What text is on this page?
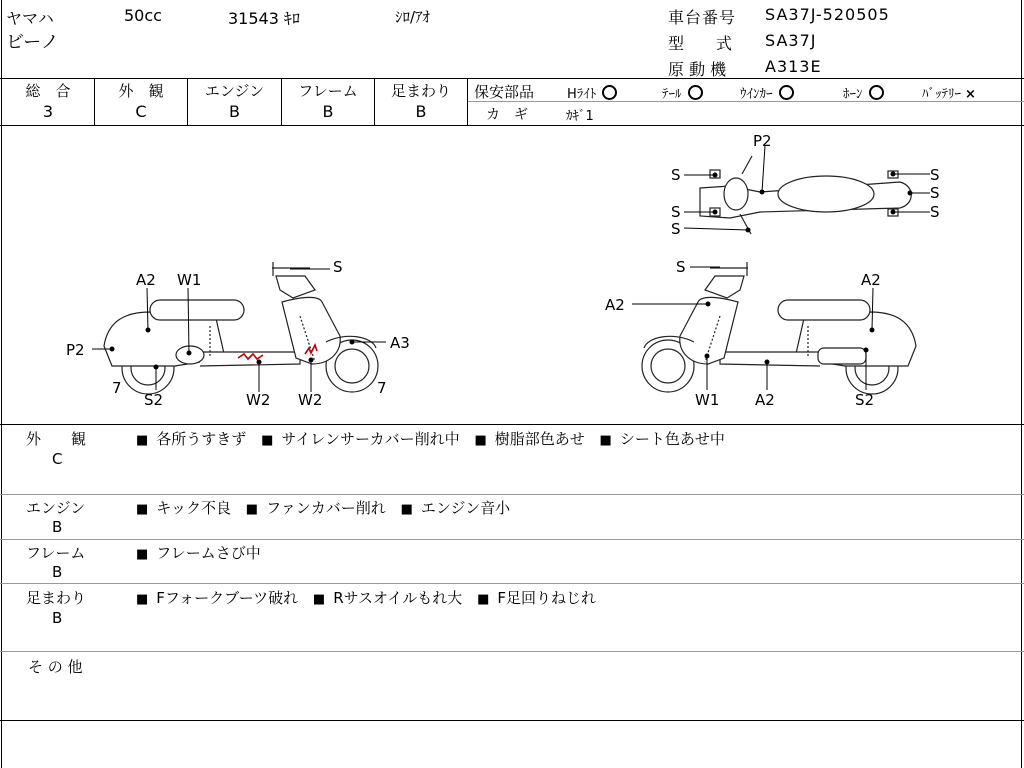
ヤマハ	50cc	31543 ｷﾛ	ｼﾛ/ｱｵ
ビーノ
車台番号 SA37J-520505
型　　式 SA37J
原 動 機 A313E
総　合
3
外　観
C
エンジン
B
フレーム
B
足まわり
B
保安部品	Hﾗｲﾄ	ﾃｰﾙ	ｳｲﾝｶｰ	ﾎｰﾝ	ﾊﾞｯﾃﾘｰ ×
カ　ギ	ｶｷﾞ1
A2 W1
S
A3
P2
7	7
S2	W2 W2
P2
S
S
S
S
S
S
S
A2
A2
W1 A2	S2
外　　観
C
■ 各所うすきず ■ サイレンサーカバー削れ中 ■ 樹脂部色あせ ■ シート色あせ中
エンジン
B
■ キック不良 ■ ファンカバー削れ ■ エンジン音小
フレーム
B
■ フレームさび中
足まわり
B
■ Fフォークブーツ破れ ■ Rサスオイルもれ大 ■ F足回りねじれ
そ の 他
